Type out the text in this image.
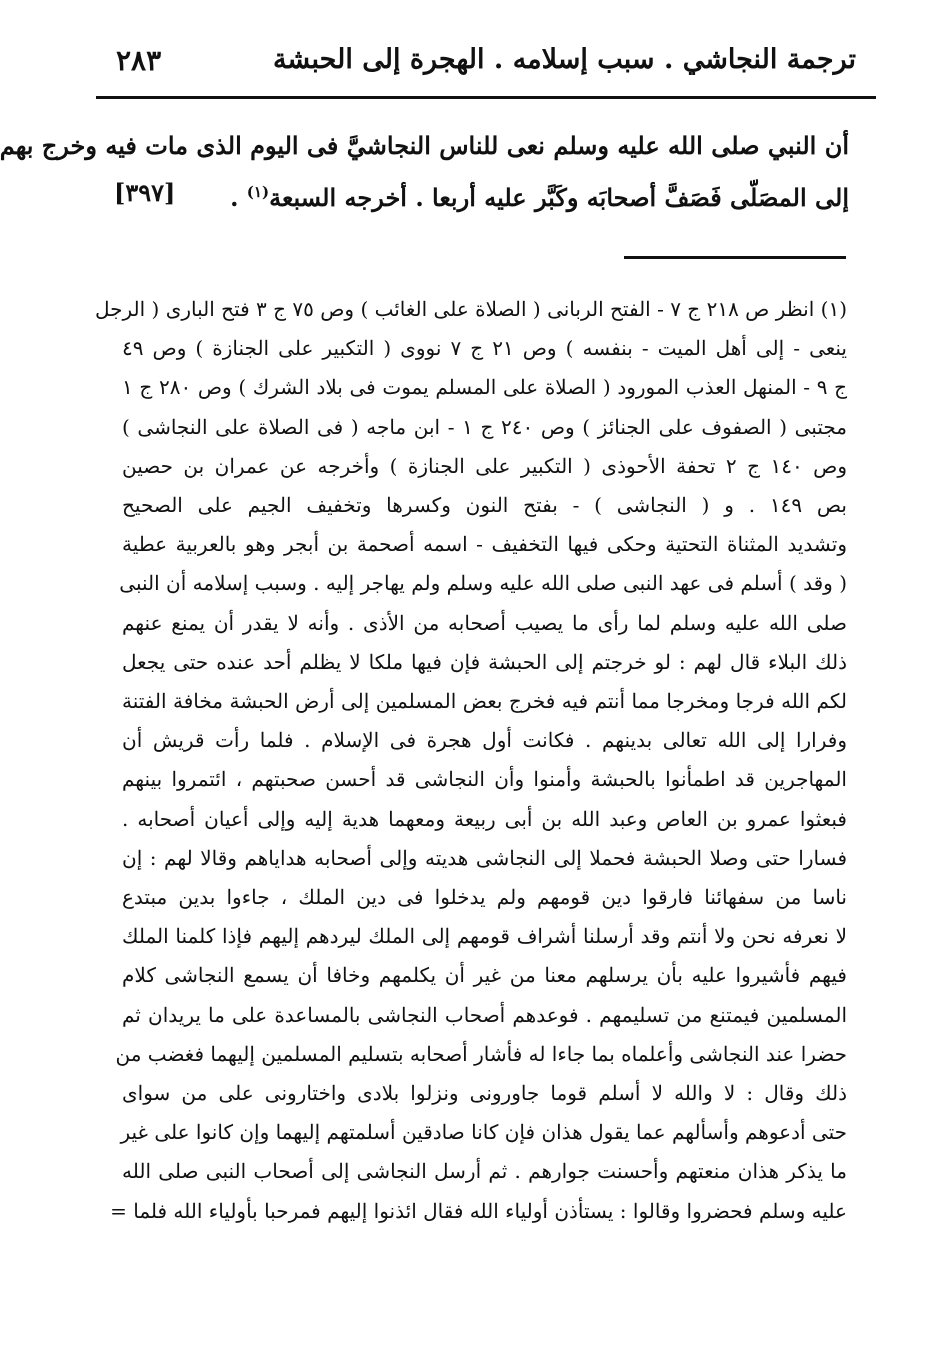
ترجمة النجاشي . سبب إسلامه . الهجرة إلى الحبشة
٢٨٣

أن النبي صلى الله عليه وسلم نعى للناس النجاشيَّ فى اليوم الذى مات فيه وخرج بهم

إلى المصَلّى فَصَفَّ أصحابَه وكَبَّر عليه أربعا . أخرجه السبعة$^{(١)}$ .
[٣٩٧]

(١) انظر ص ٢١٨ ج ٧ - الفتح الربانى ( الصلاة على الغائب ) وص ٧٥ ج ٣ فتح البارى ( الرجل

ينعى - إلى أهل الميت - بنفسه ) وص ٢١ ج ٧ نووى ( التكبير على الجنازة ) وص ٤٩

ج ٩ - المنهل العذب المورود ( الصلاة على المسلم يموت فى بلاد الشرك ) وص ٢٨٠ ج ١

مجتبى ( الصفوف على الجنائز ) وص ٢٤٠ ج ١ - ابن ماجه ( فى الصلاة على النجاشى )

وص ١٤٠ ج ٢ تحفة الأحوذى ( التكبير على الجنازة ) وأخرجه عن عمران بن حصين

بص ١٤٩ . و ( النجاشى ) - بفتح النون وكسرها وتخفيف الجيم على الصحيح

وتشديد المثناة التحتية وحكى فيها التخفيف - اسمه أصحمة بن أبجر وهو بالعربية عطية

( وقد ) أسلم فى عهد النبى صلى الله عليه وسلم ولم يهاجر إليه . وسبب إسلامه أن النبى

صلى الله عليه وسلم لما رأى ما يصيب أصحابه من الأذى . وأنه لا يقدر أن يمنع عنهم

ذلك البلاء قال لهم : لو خرجتم إلى الحبشة فإن فيها ملكا لا يظلم أحد عنده حتى يجعل

لكم الله فرجا ومخرجا مما أنتم فيه فخرج بعض المسلمين إلى أرض الحبشة مخافة الفتنة

وفرارا إلى الله تعالى بدينهم . فكانت أول هجرة فى الإسلام . فلما رأت قريش أن

المهاجرين قد اطمأنوا بالحبشة وأمنوا وأن النجاشى قد أحسن صحبتهم ، ائتمروا بينهم

فبعثوا عمرو بن العاص وعبد الله بن أبى ربيعة ومعهما هدية إليه وإلى أعيان أصحابه .

فسارا حتى وصلا الحبشة فحملا إلى النجاشى هديته وإلى أصحابه هداياهم وقالا لهم : إن

ناسا من سفهائنا فارقوا دين قومهم ولم يدخلوا فى دين الملك ، جاءوا بدين مبتدع

لا نعرفه نحن ولا أنتم وقد أرسلنا أشراف قومهم إلى الملك ليردهم إليهم فإذا كلمنا الملك

فيهم فأشيروا عليه بأن يرسلهم معنا من غير أن يكلمهم وخافا أن يسمع النجاشى كلام

المسلمين فيمتنع من تسليمهم . فوعدهم أصحاب النجاشى بالمساعدة على ما يريدان ثم

حضرا عند النجاشى وأعلماه بما جاءا له فأشار أصحابه بتسليم المسلمين إليهما فغضب من

ذلك وقال : لا والله لا أسلم قوما جاورونى ونزلوا بلادى واختارونى على من سواى

حتى أدعوهم وأسألهم عما يقول هذان فإن كانا صادقين أسلمتهم إليهما وإن كانوا على غير

ما يذكر هذان منعتهم وأحسنت جوارهم . ثم أرسل النجاشى إلى أصحاب النبى صلى الله

عليه وسلم فحضروا وقالوا : يستأذن أولياء الله فقال ائذنوا إليهم فمرحبا بأولياء الله فلما =
